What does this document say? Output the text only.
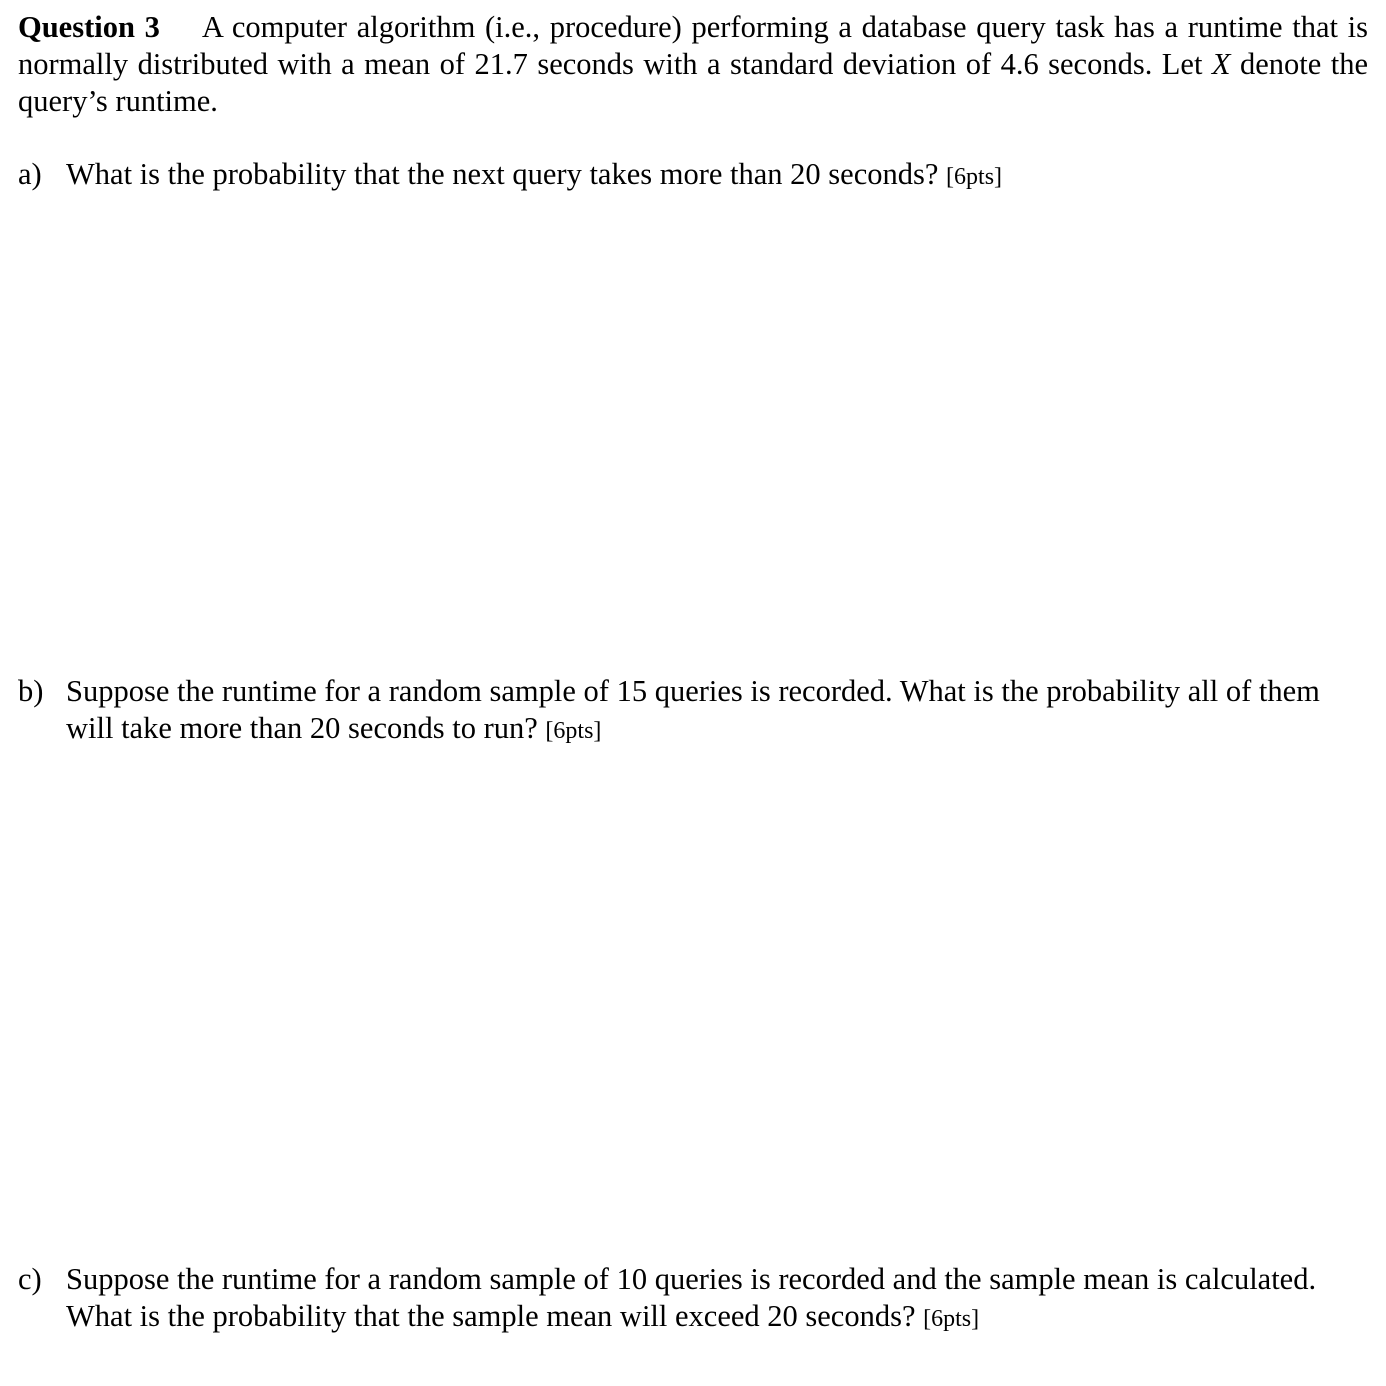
Question 3 A computer algorithm (i.e., procedure) performing a database query task has a runtime that is normally distributed with a mean of 21.7 seconds with a standard deviation of 4.6 seconds. Let X denote the query’s runtime.
a) What is the probability that the next query takes more than 20 seconds? [6pts]
b) Suppose the runtime for a random sample of 15 queries is recorded. What is the probability all of them will take more than 20 seconds to run? [6pts]
c) Suppose the runtime for a random sample of 10 queries is recorded and the sample mean is calculated. What is the probability that the sample mean will exceed 20 seconds? [6pts]
